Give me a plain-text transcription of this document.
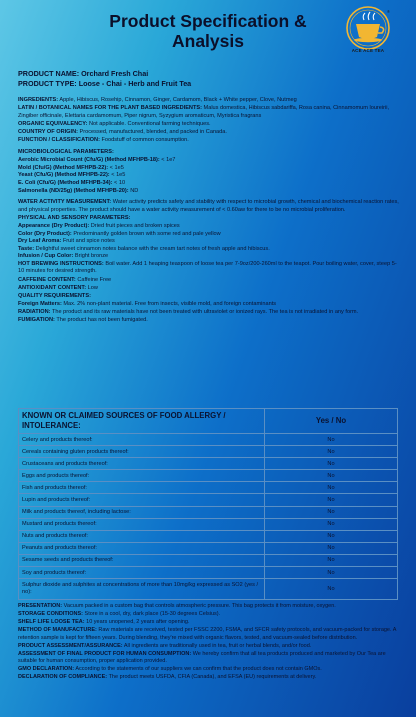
Product Specification &
Analysis
®
ACE ACE TEA
PRODUCT NAME: Orchard Fresh Chai
PRODUCT TYPE: Loose - Chai - Herb and Fruit Tea
INGREDIENTS: Apple, Hibiscus, Rosehip, Cinnamon, Ginger, Cardamom, Black + White pepper, Clove, Nutmeg
LATIN / BOTANICAL NAMES FOR THE PLANT BASED INGREDIENTS: Malus domestica, Hibiscus sabdariffa, Rosa canina, Cinnamomum loureirii, Zingiber officinale, Elettaria cardamomum, Piper nigrum, Syzygium aromaticum, Myristica fragrans
ORGANIC EQUIVALENCY: Not applicable. Conventional farming techniques.
COUNTRY OF ORIGIN: Processed, manufactured, blended, and packed in Canada.
FUNCTION / CLASSIFICATION: Foodstuff of common consumption.
MICROBIOLOGICAL PARAMETERS:
Aerobic Microbial Count (Cfu/G) (Method MFHPB-18): < 1e7
Mold (Cfu/G) (Method MFHPB-22): < 1e5
Yeast (Cfu/G) (Method MFHPB-22): < 1e5
E. Coli (Cfu/G) (Method MFHPB-34): < 10
Salmonella (ND/25g) (Method MFHPB-20): ND
WATER ACTIVITY MEASUREMENT: Water activity predicts safety and stability with respect to microbial growth, chemical and biochemical reaction rates, and physical properties. The product should have a water activity measurement of < 0.60aw for there to be no microbial proliferation.
PHYSICAL AND SENSORY PARAMETERS:
Appearance (Dry Product): Dried fruit pieces and broken spices
Color (Dry Product): Predominantly golden brown with some red and pale yellow
Dry Leaf Aroma: Fruit and spice notes
Taste: Delightful sweet cinnamon notes balance with the cream tart notes of fresh apple and hibiscus.
Infusion / Cup Color: Bright bronze
HOT BREWING INSTRUCTIONS: Boil water. Add 1 heaping teaspoon of loose tea per 7-9oz/200-260ml to the teapot. Pour boiling water, cover, steep 5-10 minutes for desired strength.
CAFFEINE CONTENT: Caffeine Free
ANTIOXIDANT CONTENT: Low
QUALITY REQUIREMENTS:
Foreign Matters: Max. 2% non-plant material. Free from insects, visible mold, and foreign contaminants
RADIATION: The product and its raw materials have not been treated with ultraviolet or ionized rays. The tea is not irradiated in any form.
FUMIGATION: The product has not been fumigated.
KNOWN OR CLAIMED SOURCES OF FOOD ALLERGY / INTOLERANCE:	Yes / No
Celery and products thereof:	No
Cereals containing gluten products thereof:	No
Crustaceans and products thereof:	No
Eggs and products thereof:	No
Fish and products thereof:	No
Lupin and products thereof:	No
Milk and products thereof, including lactose:	No
Mustard and products thereof:	No
Nuts and products thereof:	No
Peanuts and products thereof:	No
Sesame seeds and products thereof:	No
Soy and products thereof:	No
Sulphur dioxide and sulphites at concentrations of more than 10mg/kg expressed as SO2 (yes / no):	No
PRESENTATION: Vacuum packed in a custom bag that controls atmospheric pressure. This bag protects it from moisture, oxygen.
STORAGE CONDITIONS: Store in a cool, dry, dark place (15-30 degrees Celsius).
SHELF LIFE LOOSE TEA: 10 years unopened, 2 years after opening.
METHOD OF MANUFACTURE: Raw materials are received, tested per FSSC 2200, FSMA, and SFCR safety protocols, and vacuum-packed for storage. A retention sample is kept for fifteen years. During blending, they're mixed with organic flavors, tested, and vacuum-sealed before distribution.
PRODUCT ASSESSMENT/ASSURANCE: All ingredients are traditionally used in tea, fruit or herbal blends, and/or food.
ASSESSMENT OF FINAL PRODUCT FOR HUMAN CONSUMPTION: We hereby confirm that all tea products produced and marketed by Our Tea are suitable for human consumption, proper application provided.
GMO DECLARATION: According to the statements of our suppliers we can confirm that the product does not contain GMOs.
DECLARATION OF COMPLIANCE: The product meets USFDA, CFIA (Canada), and EFSA (EU) requirements at delivery.
